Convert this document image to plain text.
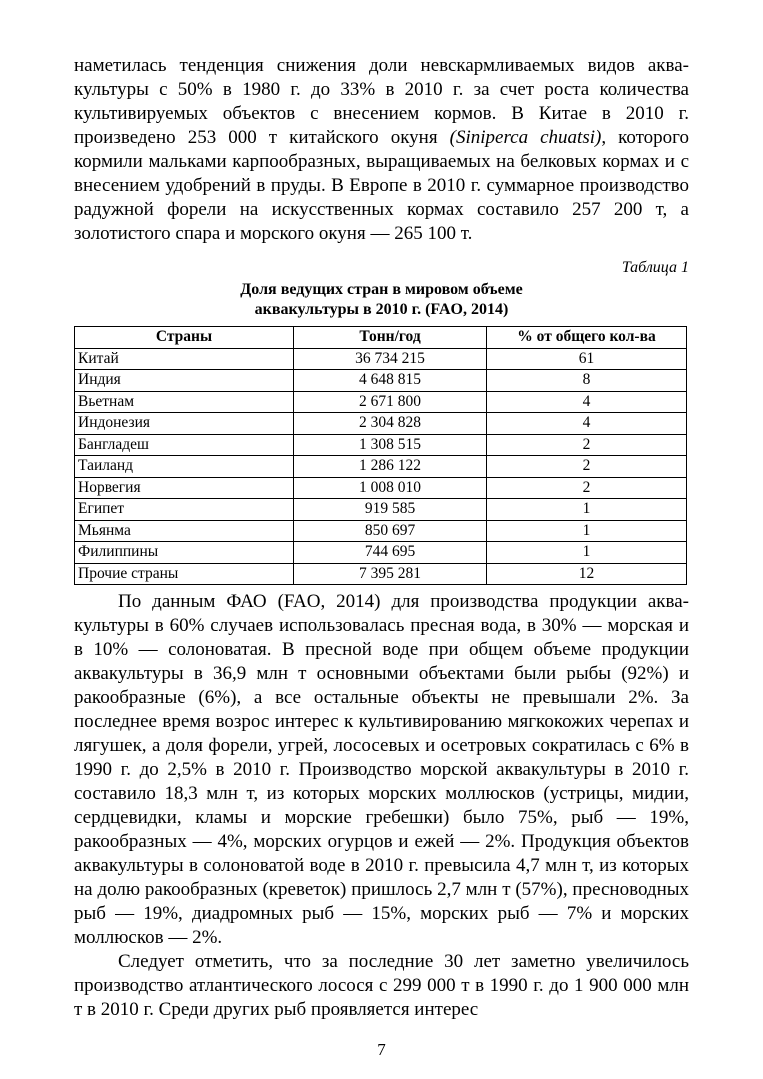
наметилась тенденция снижения доли невскармливаемых видов аквакультуры с 50% в 1980 г. до 33% в 2010 г. за счет роста количества культивируемых объектов с внесением кормов. В Китае в 2010 г. произведено 253 000 т китайского окуня (Siniperca chuatsi), которого кормили мальками карпообразных, выращиваемых на белковых кормах и с внесением удобрений в пруды. В Европе в 2010 г. суммарное производство радужной форели на искусственных кормах составило 257 200 т, а золотистого спара и морского окуня — 265 100 т.

Таблица 1
Доля ведущих стран в мировом объеме
аквакультуры в 2010 г. (FAO, 2014)
Страны	Тонн/год	% от общего кол-ва
Китай	36 734 215	61
Индия	4 648 815	8
Вьетнам	2 671 800	4
Индонезия	2 304 828	4
Бангладеш	1 308 515	2
Таиланд	1 286 122	2
Норвегия	1 008 010	2
Египет	919 585	1
Мьянма	850 697	1
Филиппины	744 695	1
Прочие страны	7 395 281	12

По данным ФАО (FAO, 2014) для производства продукции аквакультуры в 60% случаев использовалась пресная вода, в 30% — морская и в 10% — солоноватая. В пресной воде при общем объеме продукции аквакультуры в 36,9 млн т основными объектами были рыбы (92%) и ракообразные (6%), а все остальные объекты не превышали 2%. За последнее время возрос интерес к культивированию мягкокожих черепах и лягушек, а доля форели, угрей, лососевых и осетровых сократилась с 6% в 1990 г. до 2,5% в 2010 г. Производство морской аквакультуры в 2010 г. составило 18,3 млн т, из которых морских моллюсков (устрицы, мидии, сердцевидки, кламы и морские гребешки) было 75%, рыб — 19%, ракообразных — 4%, морских огурцов и ежей — 2%. Продукция объектов аквакультуры в солоноватой воде в 2010 г. превысила 4,7 млн т, из которых на долю ракообразных (крeветок) пришлось 2,7 млн т (57%), пресноводных рыб — 19%, диадромных рыб — 15%, морских рыб — 7% и морских моллюсков — 2%.

Следует отметить, что за последние 30 лет заметно увеличилось производство атлантического лосося с 299 000 т в 1990 г. до 1 900 000 млн т в 2010 г. Среди других рыб проявляется интерес

7
